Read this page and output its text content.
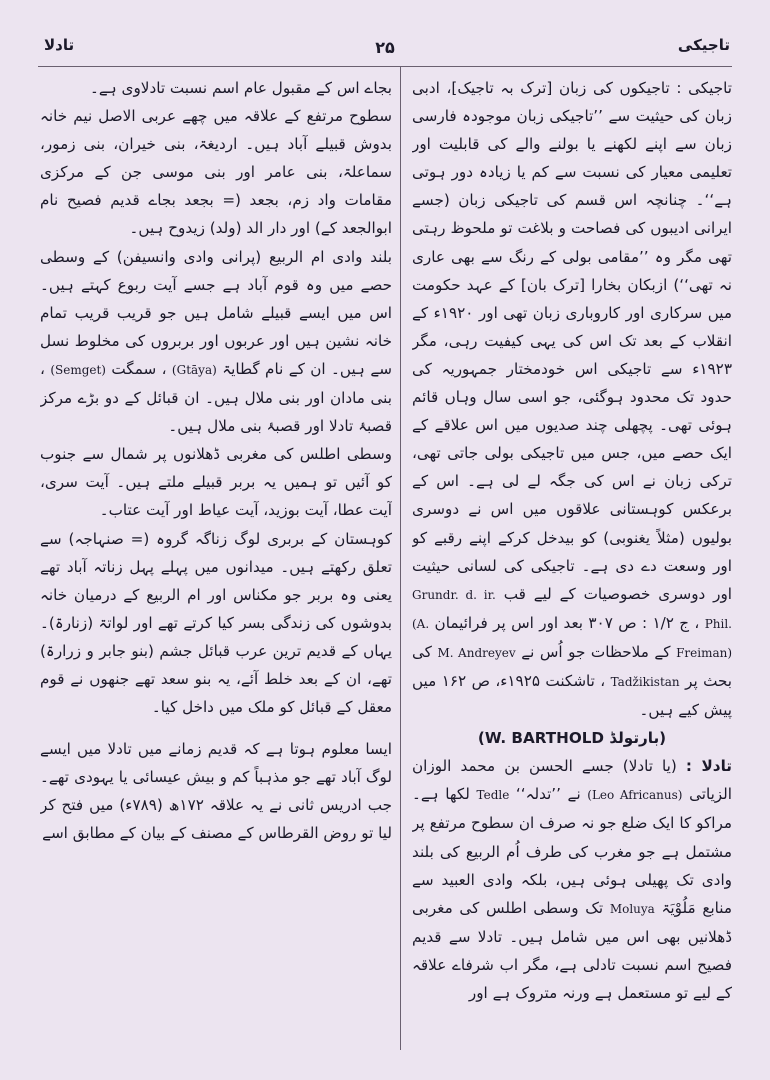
تاجیکی
۲۵
تادلا

تاجیکی : تاجیکوں کی زبان [ترک بہ تاجیک]، ادبی زبان کی حیثیت سے ’’تاجیکی زبان موجودہ فارسی زبان سے اپنے لکھنے یا بولنے والے کی قابلیت اور تعلیمی معیار کی نسبت سے کم یا زیادہ دور ہوتی ہے‘‘۔ چنانچہ اس قسم کی تاجیکی زبان (جسے ایرانی ادیبوں کی فصاحت و بلاغت تو ملحوظ رہتی تھی مگر وہ ’’مقامی بولی کے رنگ سے بھی عاری نہ تھی‘‘) ازبکان بخارا [ترک بان] کے عہد حکومت میں سرکاری اور کاروباری زبان تھی اور ۱۹۲۰ء کے انقلاب کے بعد تک اس کی یہی کیفیت رہی، مگر ۱۹۲۳ء سے تاجیکی اس خودمختار جمہوریہ کی حدود تک محدود ہوگئی، جو اسی سال وہاں قائم ہوئی تھی۔ پچھلی چند صدیوں میں اس علاقے کے ایک حصے میں، جس میں تاجیکی بولی جاتی تھی، ترکی زبان نے اس کی جگہ لے لی ہے۔ اس کے برعکس کوہستانی علاقوں میں اس نے دوسری بولیوں (مثلاً یغنوبی) کو بیدخل کرکے اپنے رقبے کو اور وسعت دے دی ہے۔ تاجیکی کی لسانی حیثیت اور دوسری خصوصیات کے لیے قب Grundr. d. ir. Phil. ، ج ۱/۲ : ص ۳۰۷ بعد اور اس پر فرائیمان (A. Freiman) کے ملاحظات جو اُس نے M. Andreyev کی بحث پر Tadžikistan ، تاشکنت ۱۹۲۵ء، ص ۱۶۲ میں پیش کیے ہیں۔

(بارتولڈ W. BARTHOLD)

تادلا : (یا تادلا) جسے الحسن بن محمد الوزان الزیاتی (Leo Africanus) نے ’’تدلہ‘‘ Tedle لکھا ہے۔ مراکو کا ایک ضلع جو نہ صرف ان سطوح مرتفع پر مشتمل ہے جو مغرب کی طرف اُم الربیع کی بلند وادی تک پھیلی ہوئی ہیں، بلکہ وادی العبید سے منابع مَلُوْیَۃ Moluya تک وسطی اطلس کی مغربی ڈھلانیں بھی اس میں شامل ہیں۔ تادلا سے قدیم فصیح اسم نسبت تادلی ہے، مگر اب شرفاے علاقہ کے لیے تو مستعمل ہے ورنہ متروک ہے اور

بجاے اس کے مقبول عام اسم نسبت تادلاوی ہے۔

سطوح مرتفع کے علاقہ میں چھے عربی الاصل نیم خانہ بدوش قبیلے آباد ہیں۔ اردیغۃ، بنی خیران، بنی زمور، سماعلۃ، بنی عامر اور بنی موسی جن کے مرکزی مقامات واد زم، بجعد (= بجعد بجاے قدیم فصیح نام ابوالجعد کے) اور دار الد (ولد) زیدوح ہیں۔

بلند وادی ام الربیع (پرانی وادی وانسیفن) کے وسطی حصے میں وہ قوم آباد ہے جسے آیت ربوع کہتے ہیں۔ اس میں ایسے قبیلے شامل ہیں جو قریب قریب تمام خانہ نشین ہیں اور عربوں اور بربروں کی مخلوط نسل سے ہیں۔ ان کے نام گطایۃ (Gtāya) ، سمگت (Semget) ، بنی مادان اور بنی ملال ہیں۔ ان قبائل کے دو بڑے مرکز قصبۂ تادلا اور قصبۂ بنی ملال ہیں۔

وسطی اطلس کی مغربی ڈھلانوں پر شمال سے جنوب کو آئیں تو ہمیں یہ بربر قبیلے ملتے ہیں۔ آیت سری، آیت عطا، آیت بوزید، آیت عیاط اور آیت عتاب۔

کوہستان کے بربری لوگ زناگہ گروہ (= صنہاجہ) سے تعلق رکھتے ہیں۔ میدانوں میں پہلے پہل زناتہ آباد تھے یعنی وہ بربر جو مکناس اور ام الربیع کے درمیان خانہ بدوشوں کی زندگی بسر کیا کرتے تھے اور لواتۃ (زنارۃ)۔ یہاں کے قدیم ترین عرب قبائل جشم (بنو جابر و زرارۃ) تھے، ان کے بعد خلط آئے، یہ بنو سعد تھے جنھوں نے قوم معقل کے قبائل کو ملک میں داخل کیا۔

ایسا معلوم ہوتا ہے کہ قدیم زمانے میں تادلا میں ایسے لوگ آباد تھے جو مذہباً کم و بیش عیسائی یا یہودی تھے۔ جب ادریس ثانی نے یہ علاقہ ۱۷۲ھ (۷۸۹ء) میں فتح کر لیا تو روض القرطاس کے مصنف کے بیان کے مطابق اسے
